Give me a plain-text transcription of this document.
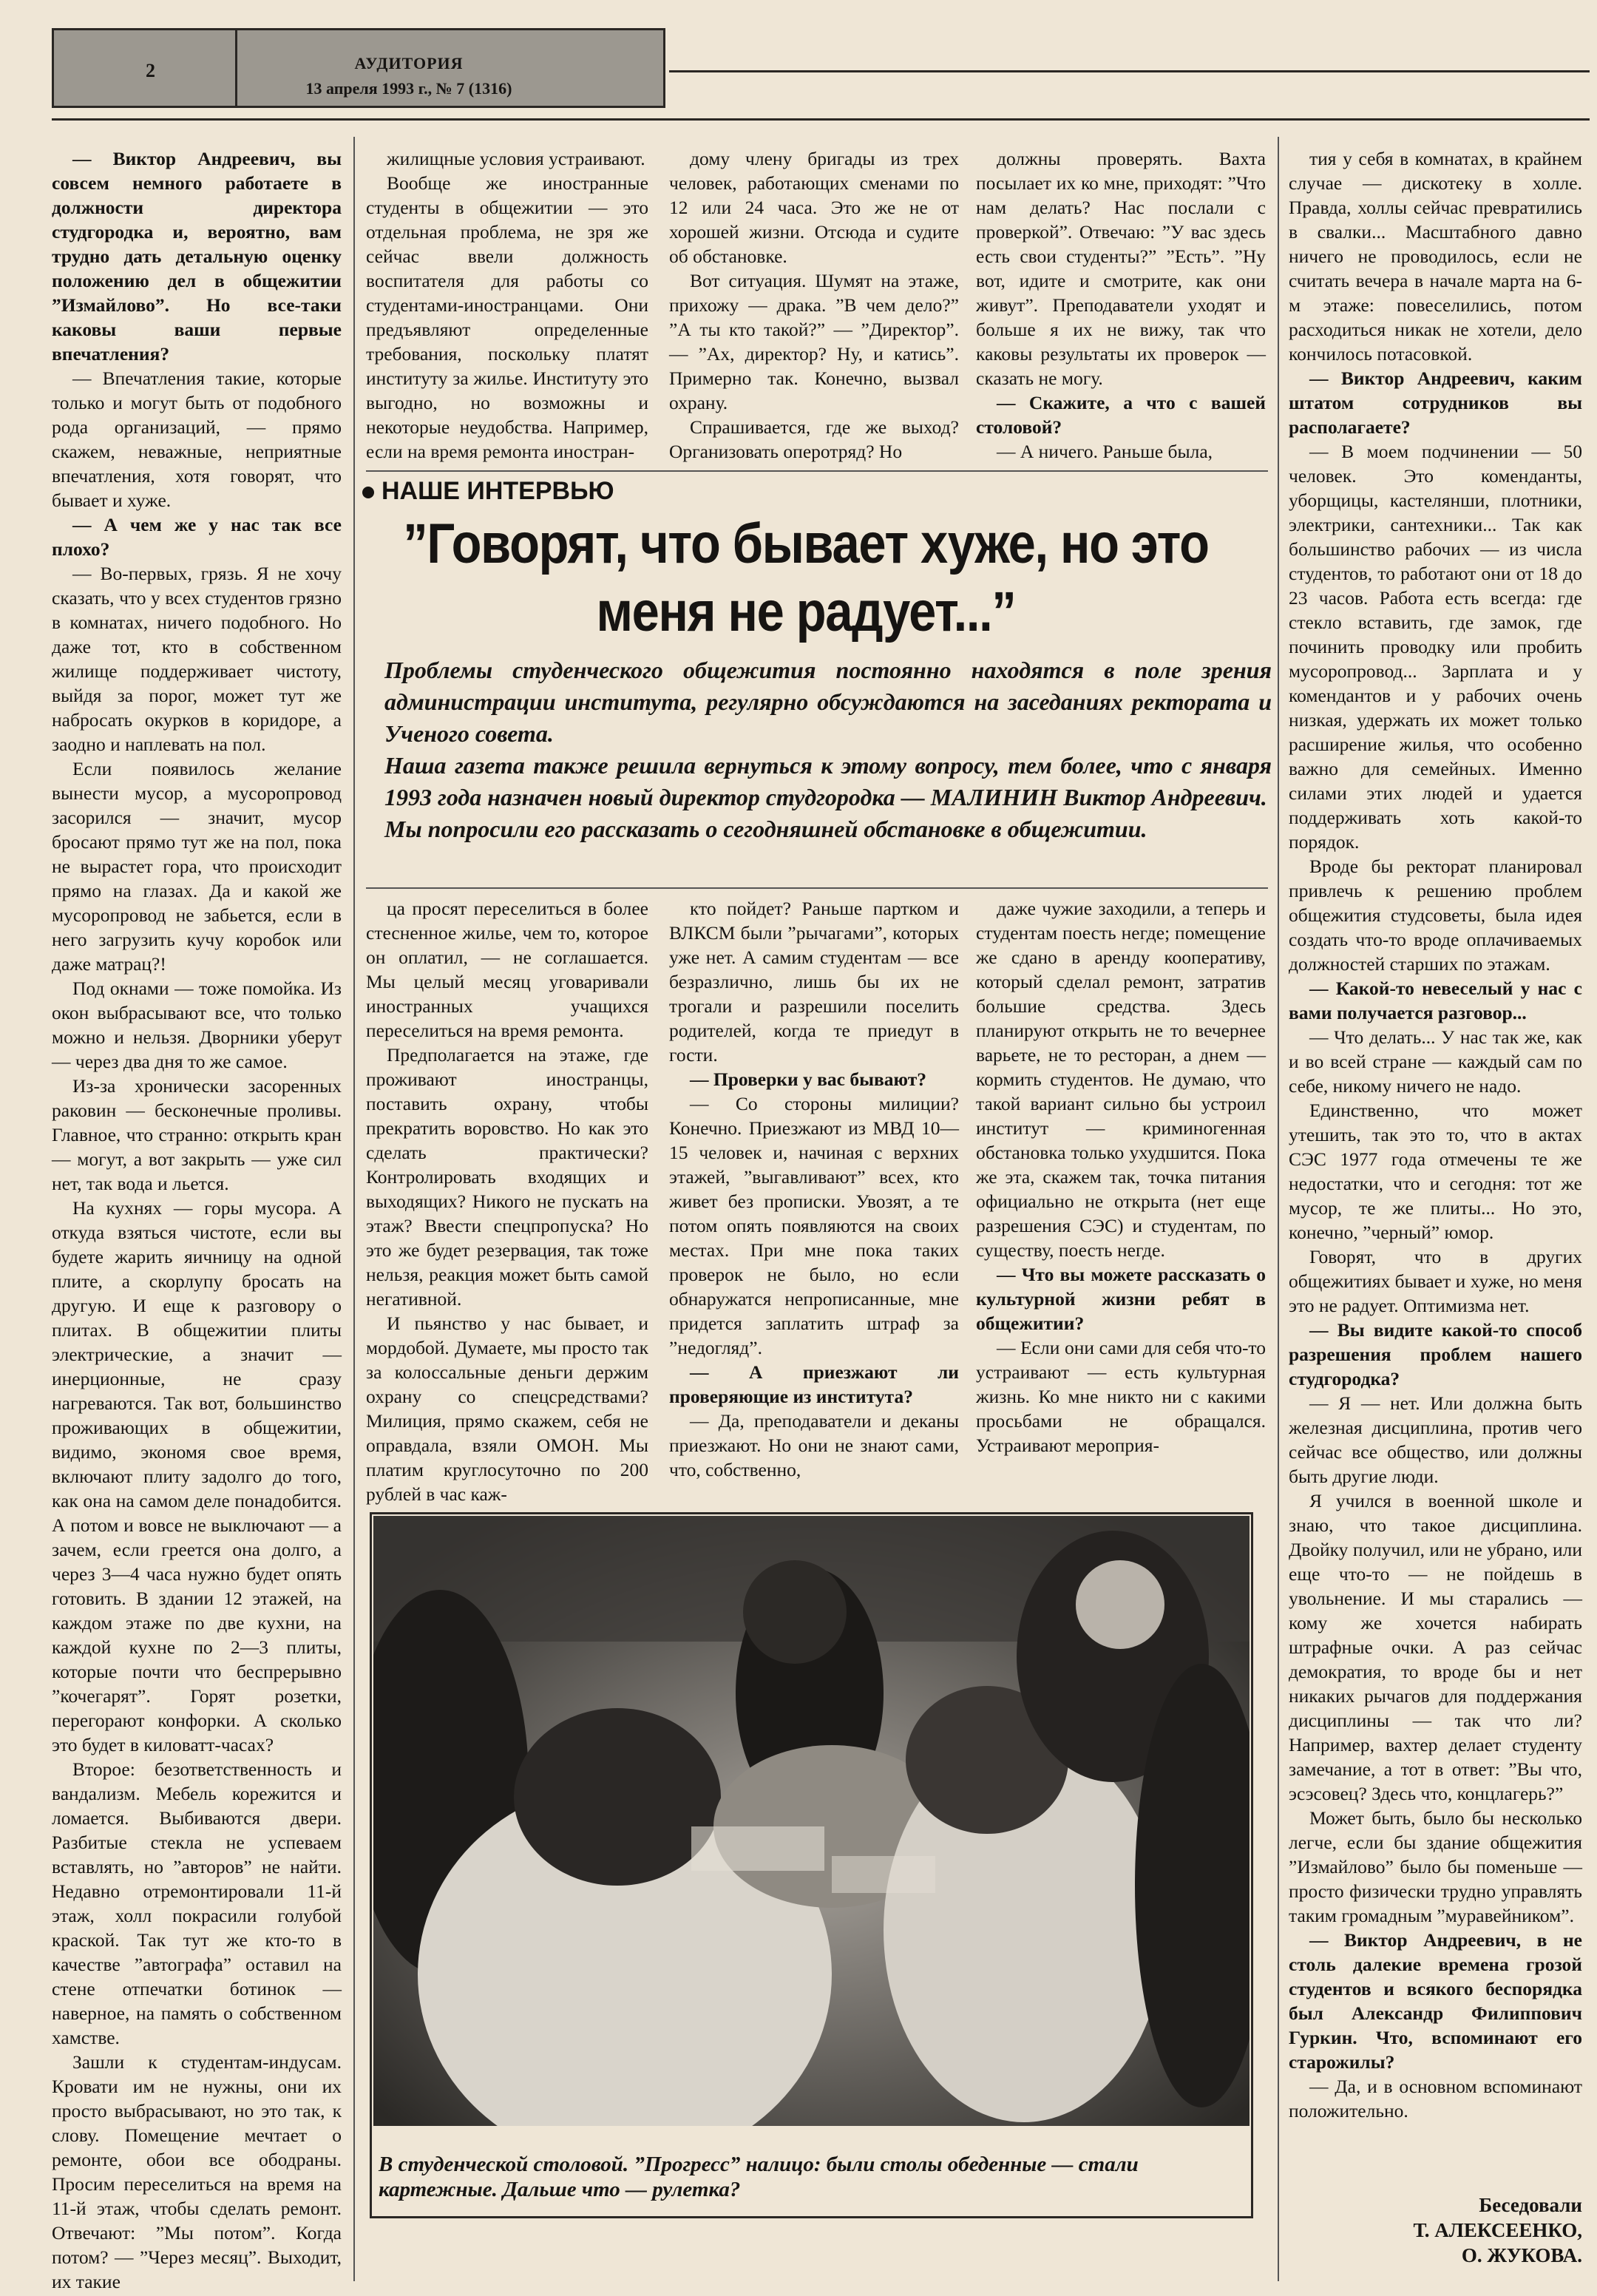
2	АУДИТОРИЯ
13 апреля 1993 г., № 7 (1316)

— Виктор Андреевич, вы совсем немного работаете в должности директора студгородка и, вероятно, вам трудно дать детальную оценку положению дел в общежитии ”Измайлово”. Но все-таки каковы ваши первые впечатления?

— Впечатления такие, которые только и могут быть от подобного рода организаций, — прямо скажем, неважные, неприятные впечатления, хотя говорят, что бывает и хуже.

— А чем же у нас так все плохо?

— Во-первых, грязь. Я не хочу сказать, что у всех студентов грязно в комнатах, ничего подобного. Но даже тот, кто в собственном жилище поддерживает чистоту, выйдя за порог, может тут же набросать окурков в коридоре, а заодно и наплевать на пол.

Если появилось желание вынести мусор, а мусоропровод засорился — значит, мусор бросают прямо тут же на пол, пока не вырастет гора, что происходит прямо на глазах. Да и какой же мусоропровод не забьется, если в него загрузить кучу коробок или даже матрац?!

Под окнами — тоже помойка. Из окон выбрасывают все, что только можно и нельзя. Дворники уберут — через два дня то же самое.

Из-за хронически засоренных раковин — бесконечные проливы. Главное, что странно: открыть кран — могут, а вот закрыть — уже сил нет, так вода и льется.

На кухнях — горы мусора. А откуда взяться чистоте, если вы будете жарить яичницу на одной плите, а скорлупу бросать на другую. И еще к разговору о плитах. В общежитии плиты электрические, а значит — инерционные, не сразу нагреваются. Так вот, большинство проживающих в общежитии, видимо, экономя свое время, включают плиту задолго до того, как она на самом деле понадобится. А потом и вовсе не выключают — а зачем, если греется она долго, а через 3—4 часа нужно будет опять готовить. В здании 12 этажей, на каждом этаже по две кухни, на каждой кухне по 2—3 плиты, которые почти что беспрерывно ”кочегарят”. Горят розетки, перегорают конфорки. А сколько это будет в киловатт-часах?

Второе: безответственность и вандализм. Мебель корежится и ломается. Выбиваются двери. Разбитые стекла не успеваем вставлять, но ”авторов” не найти. Недавно отремонтировали 11-й этаж, холл покрасили голубой краской. Так тут же кто-то в качестве ”автографа” оставил на стене отпечатки ботинок — наверное, на память о собственном хамстве.

Зашли к студентам-индусам. Кровати им не нужны, они их просто выбрасывают, но это так, к слову. Помещение мечтает о ремонте, обои все ободраны. Просим переселиться на время на 11-й этаж, чтобы сделать ремонт. Отвечают: ”Мы потом”. Когда потом? — ”Через месяц”. Выходит, их такие

жилищные условия устраивают.

Вообще же иностранные студенты в общежитии — это отдельная проблема, не зря же сейчас ввели должность воспитателя для работы со студентами-иностранцами. Они предъявляют определенные требования, поскольку платят институту за жилье. Институту это выгодно, но возможны и некоторые неудобства. Например, если на время ремонта иностран-

дому члену бригады из трех человек, работающих сменами по 12 или 24 часа. Это же не от хорошей жизни. Отсюда и судите об обстановке.

Вот ситуация. Шумят на этаже, прихожу — драка. ”В чем дело?” ”А ты кто такой?” — ”Директор”. — ”Ах, директор? Ну, и катись”. Примерно так. Конечно, вызвал охрану.

Спрашивается, где же выход? Организовать оперотряд? Но

должны проверять. Вахта посылает их ко мне, приходят: ”Что нам делать? Нас послали с проверкой”. Отвечаю: ”У вас здесь есть свои студенты?” ”Есть”. ”Ну вот, идите и смотрите, как они живут”. Преподаватели уходят и больше я их не вижу, так что каковы результаты их проверок — сказать не могу.

— Скажите, а что с вашей столовой?

— А ничего. Раньше была,

НАШЕ ИНТЕРВЬЮ
”Говорят, что бывает хуже, но это меня не радует...”

Проблемы студенческого общежития постоянно находятся в поле зрения администрации института, регулярно обсуждаются на заседаниях ректората и Ученого совета.

Наша газета также решила вернуться к этому вопросу, тем более, что с января 1993 года назначен новый директор студгородка — МАЛИНИН Виктор Андреевич.

Мы попросили его рассказать о сегодняшней обстановке в общежитии.

ца просят переселиться в более стесненное жилье, чем то, которое он оплатил, — не соглашается. Мы целый месяц уговаривали иностранных учащихся переселиться на время ремонта.

Предполагается на этаже, где проживают иностранцы, поставить охрану, чтобы прекратить воровство. Но как это сделать практически? Контролировать входящих и выходящих? Никого не пускать на этаж? Ввести спецпропуска? Но это же будет резервация, так тоже нельзя, реакция может быть самой негативной.

И пьянство у нас бывает, и мордобой. Думаете, мы просто так за колоссальные деньги держим охрану со спецсредствами? Милиция, прямо скажем, себя не оправдала, взяли ОМОН. Мы платим круглосуточно по 200 рублей в час каж-

кто пойдет? Раньше партком и ВЛКСМ были ”рычагами”, которых уже нет. А самим студентам — все безразлично, лишь бы их не трогали и разрешили поселить родителей, когда те приедут в гости.

— Проверки у вас бывают?

— Со стороны милиции? Конечно. Приезжают из МВД 10—15 человек и, начиная с верхних этажей, ”выгавливают” всех, кто живет без прописки. Увозят, а те потом опять появляются на своих местах. При мне пока таких проверок не было, но если обнаружатся непрописанные, мне придется заплатить штраф за ”недогляд”.

— А приезжают ли проверяющие из института?

— Да, преподаватели и деканы приезжают. Но они не знают сами, что, собственно,

даже чужие заходили, а теперь и студентам поесть негде; помещение же сдано в аренду кооперативу, который сделал ремонт, затратив большие средства. Здесь планируют открыть не то вечернее варьете, не то ресторан, а днем — кормить студентов. Не думаю, что такой вариант сильно бы устроил институт — криминогенная обстановка только ухудшится. Пока же эта, скажем так, точка питания официально не открыта (нет еще разрешения СЭС) и студентам, по существу, поесть негде.

— Что вы можете рассказать о культурной жизни ребят в общежитии?

— Если они сами для себя что-то устраивают — есть культурная жизнь. Ко мне никто ни с какими просьбами не обращался. Устраивают мероприя-

В студенческой столовой. ”Прогресс” налицо: были столы обеденные — стали картежные. Дальше что — рулетка?

тия у себя в комнатах, в крайнем случае — дискотеку в холле. Правда, холлы сейчас превратились в свалки... Масштабного давно ничего не проводилось, если не считать вечера в начале марта на 6-м этаже: повеселились, потом расходиться никак не хотели, дело кончилось потасовкой.

— Виктор Андреевич, каким штатом сотрудников вы располагаете?

— В моем подчинении — 50 человек. Это коменданты, уборщицы, кастелянши, плотники, электрики, сантехники... Так как большинство рабочих — из числа студентов, то работают они от 18 до 23 часов. Работа есть всегда: где стекло вставить, где замок, где починить проводку или пробить мусоропровод... Зарплата и у комендантов и у рабочих очень низкая, удержать их может только расширение жилья, что особенно важно для семейных. Именно силами этих людей и удается поддерживать хоть какой-то порядок.

Вроде бы ректорат планировал привлечь к решению проблем общежития студсоветы, была идея создать что-то вроде оплачиваемых должностей старших по этажам.

— Какой-то невеселый у нас с вами получается разговор...

— Что делать... У нас так же, как и во всей стране — каждый сам по себе, никому ничего не надо.

Единственно, что может утешить, так это то, что в актах СЭС 1977 года отмечены те же недостатки, что и сегодня: тот же мусор, те же плиты... Но это, конечно, ”черный” юмор.

Говорят, что в других общежитиях бывает и хуже, но меня это не радует. Оптимизма нет.

— Вы видите какой-то способ разрешения проблем нашего студгородка?

— Я — нет. Или должна быть железная дисциплина, против чего сейчас все общество, или должны быть другие люди.

Я учился в военной школе и знаю, что такое дисциплина. Двойку получил, или не убрано, или еще что-то — не пойдешь в увольнение. И мы старались — кому же хочется набирать штрафные очки. А раз сейчас демократия, то вроде бы и нет никаких рычагов для поддержания дисциплины — так что ли? Например, вахтер делает студенту замечание, а тот в ответ: ”Вы что, эсэсовец? Здесь что, концлагерь?”

Может быть, было бы несколько легче, если бы здание общежития ”Измайлово” было бы поменьше — просто физически трудно управлять таким громадным ”муравейником”.

— Виктор Андреевич, в не столь далекие времена грозой студентов и всякого беспорядка был Александр Филиппович Гуркин. Что, вспоминают его старожилы?

— Да, и в основном вспоминают положительно.

Беседовали
Т. АЛЕКСЕЕНКО,
О. ЖУКОВА.
